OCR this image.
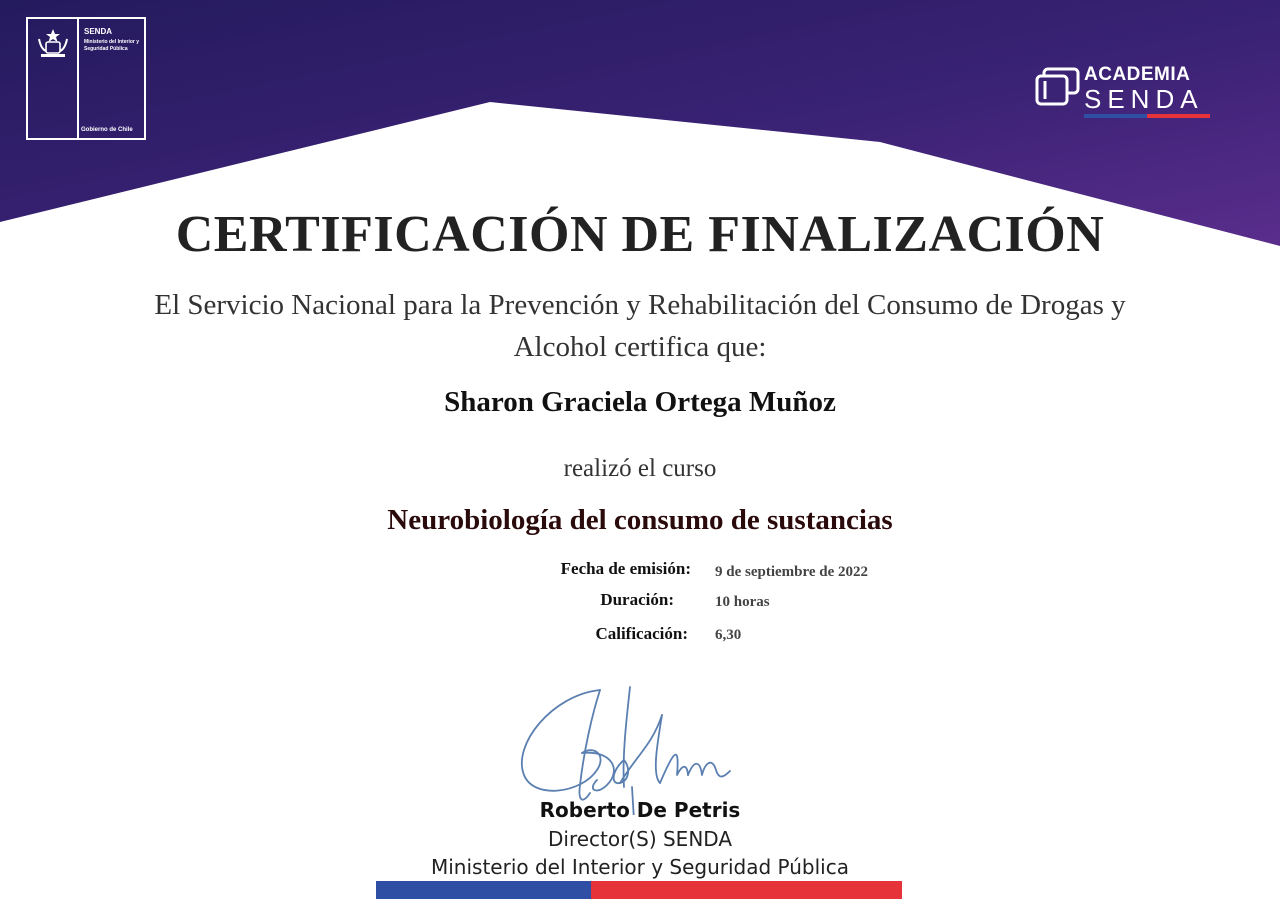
SENDA
Ministerio del Interior y Seguridad Pública
Gobierno de Chile
ACADEMIA
SENDA
CERTIFICACIÓN DE FINALIZACIÓN
El Servicio Nacional para la Prevención y Rehabilitación del Consumo de Drogas y
Alcohol certifica que:
Sharon Graciela Ortega Muñoz
realizó el curso
Neurobiología del consumo de sustancias
Fecha de emisión: 9 de septiembre de 2022
Duración:	10 horas
Calificación: 6,30
Roberto De Petris
Director(S) SENDA
Ministerio del Interior y Seguridad Pública
